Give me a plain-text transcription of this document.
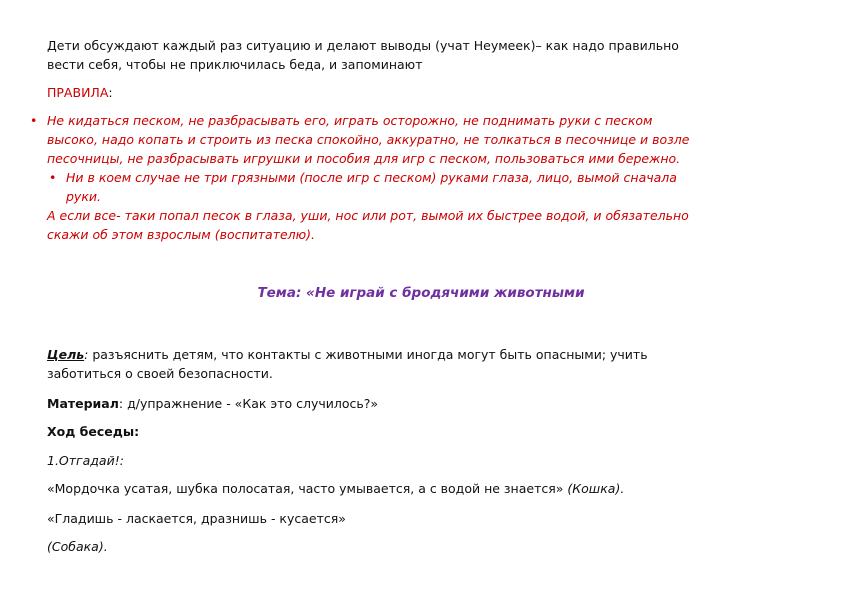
Дети обсуждают каждый раз ситуацию и делают выводы (учат Неумеек)– как надо правильно
вести себя, чтобы не приключилась беда, и запоминают

ПРАВИЛА:

• Не кидаться песком, не разбрасывать его, играть осторожно, не поднимать руки с песком
высоко, надо копать и строить из песка спокойно, аккуратно, не толкаться в песочнице и возле
песочницы, не разбрасывать игрушки и пособия для игр с песком, пользоваться ими бережно.

• Ни в коем случае не три грязными (после игр с песком) руками глаза, лицо, вымой сначала
руки.

А если все- таки попал песок в глаза, уши, нос или рот, вымой их быстрее водой, и обязательно
скажи об этом взрослым (воспитателю).

Тема: «Не играй с бродячими животными

Цель: разъяснить детям, что контакты с животными иногда могут быть опасными; учить
заботиться о своей безопасности.

Материал: д/упражнение - «Как это случилось?»

Ход беседы:

1.Отгадай!:

«Мордочка усатая, шубка полосатая, часто умывается, а с водой не знается» (Кошка).

«Гладишь - ласкается, дразнишь - кусается»

(Собака).
